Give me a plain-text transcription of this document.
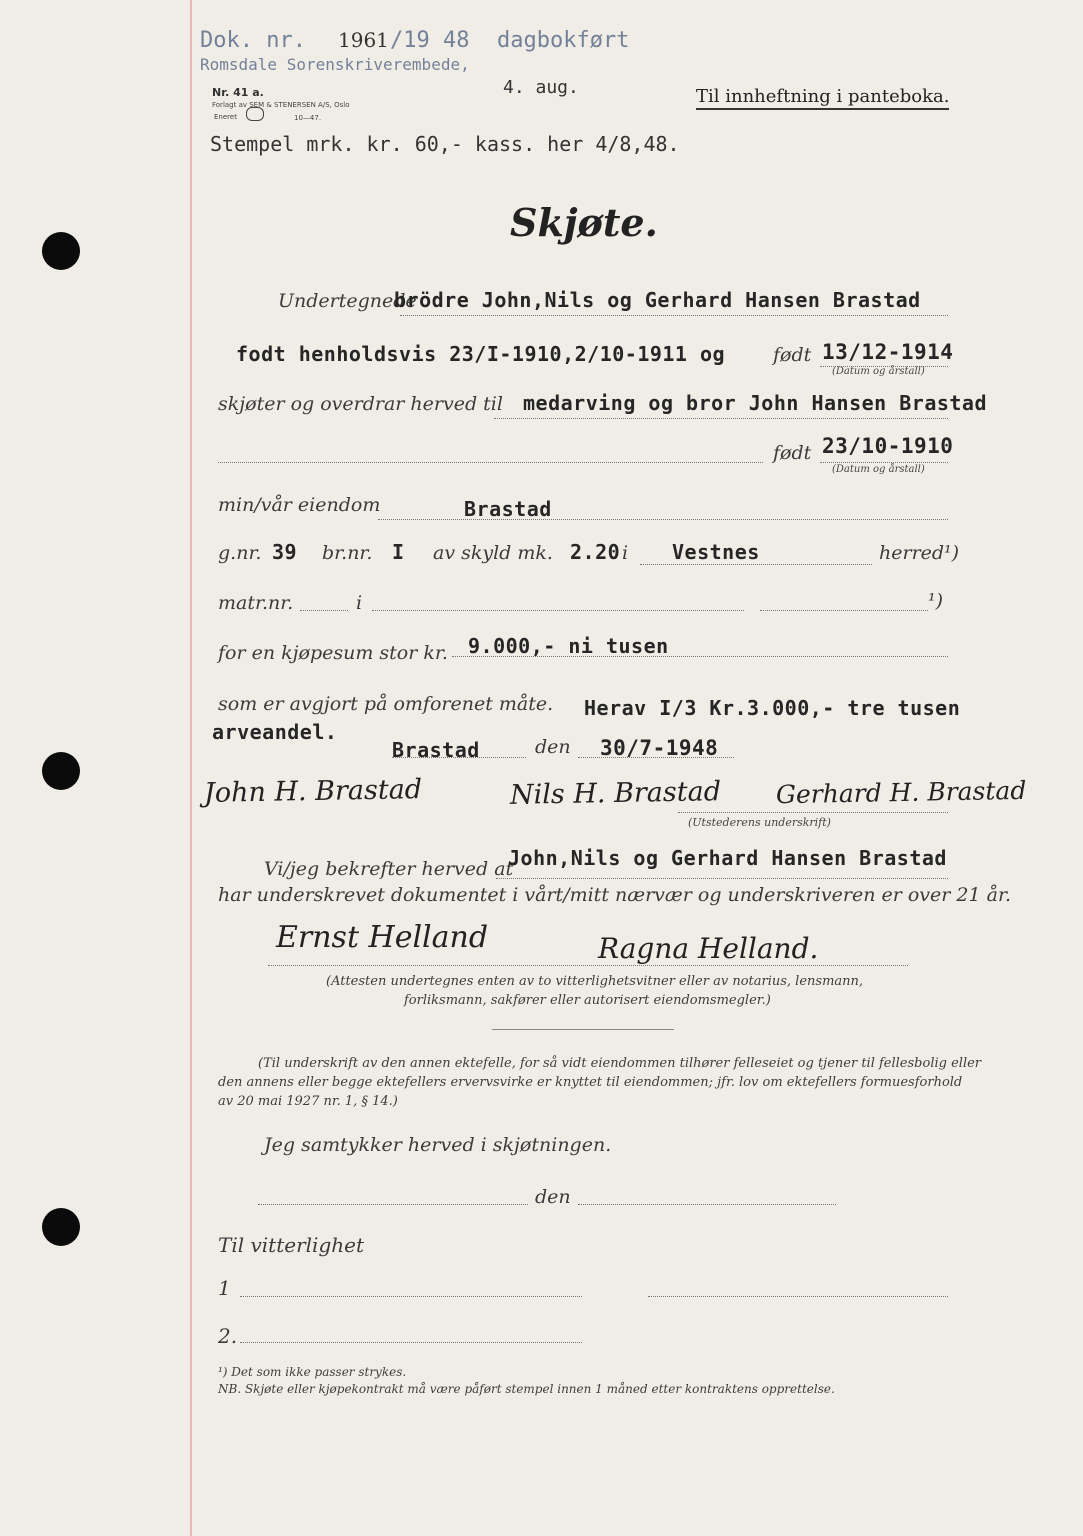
Dok. nr. 1961 /19 48 dagbokført
Romsdale Sorenskriverembede,
4. aug.
Nr. 41 a.
Forlagt av SEM & STENERSEN A/S, Oslo
Eneret	10—47.
Til innheftning i panteboka.
Stempel mrk. kr. 60,- kass. her 4/8,48.
Skjøte.
Undertegnede
brödre John,Nils og Gerhard Hansen Brastad
fodt henholdsvis 23/I-1910,2/10-1911 og	født 13/12-1914
(Datum og årstall)
skjøter og overdrar herved til medarving og bror John Hansen Brastad
født 23/10-1910
(Datum og årstall)
min/vår eiendom	Brastad
g.nr. 39 br.nr. I av skyld mk. 2.20 i Vestnes	herred¹)
matr.nr.	i	¹)
for en kjøpesum stor kr. 9.000,- ni tusen
som er avgjort på omforenet måte. Herav I/3 Kr.3.000,- tre tusen
arveandel.
Brastad	den 30/7-1948
John H. Brastad	Nils H. Brastad Gerhard H. Brastad
(Utstederens underskrift)
Vi/jeg bekrefter herved at
John,Nils og Gerhard Hansen Brastad
har underskrevet dokumentet i vårt/mitt nærvær og underskriveren er over 21 år.
Ernst Helland	Ragna Helland.
(Attesten undertegnes enten av to vitterlighetsvitner eller av notarius, lensmann,
forliksmann, sakfører eller autorisert eiendomsmegler.)
(Til underskrift av den annen ektefelle, for så vidt eiendommen tilhører felleseiet og tjener til fellesbolig eller
den annens eller begge ektefellers ervervsvirke er knyttet til eiendommen; jfr. lov om ektefellers formuesforhold
av 20 mai 1927 nr. 1, § 14.)
Jeg samtykker herved i skjøtningen.
den
Til vitterlighet
1
2.
¹) Det som ikke passer strykes.
NB. Skjøte eller kjøpekontrakt må være påført stempel innen 1 måned etter kontraktens opprettelse.
